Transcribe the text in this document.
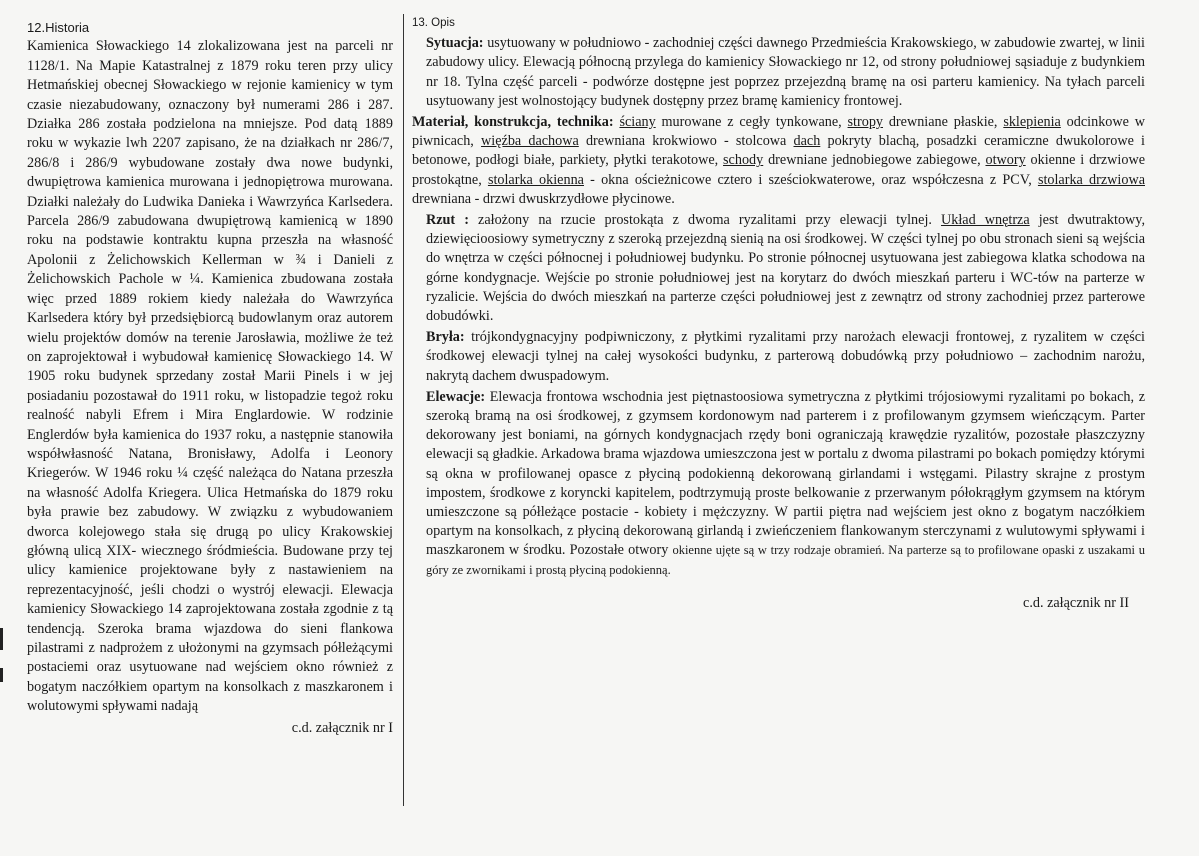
12.Historia
Kamienica Słowackiego 14 zlokalizowana jest na parceli nr 1128/1. Na Mapie Katastralnej z 1879 roku teren przy ulicy Hetmańskiej obecnej Słowackiego w rejonie kamienicy w tym czasie niezabudowany, oznaczony był numerami 286 i 287. Działka 286 została podzielona na mniejsze. Pod datą 1889 roku w wykazie lwh 2207 zapisano, że na działkach nr 286/7, 286/8 i 286/9 wybudowane zostały dwa nowe budynki, dwupiętrowa kamienica murowana i jednopiętrowa murowana. Działki należały do Ludwika Danieka i Wawrzyńca Karlsedera. Parcela 286/9 zabudowana dwupiętrową kamienicą w 1890 roku na podstawie kontraktu kupna przeszła na własność Apolonii z Żelichowskich Kellerman w ¾ i Danieli z Żelichowskich Pachole w ¼. Kamienica zbudowana została więc przed 1889 rokiem kiedy należała do Wawrzyńca Karlsedera który był przedsiębiorcą budowlanym oraz autorem wielu projektów domów na terenie Jarosławia, możliwe że też on zaprojektował i wybudował kamienicę Słowackiego 14. W 1905 roku budynek sprzedany został Marii Pinels i w jej posiadaniu pozostawał do 1911 roku, w listopadzie tegoż roku realność nabyli Efrem i Mira Englardowie. W rodzinie Englerdów była kamienica do 1937 roku, a następnie stanowiła współwłasność Natana, Bronisławy, Adolfa i Leonory Kriegerów. W 1946 roku ¼ część należąca do Natana przeszła na własność Adolfa Kriegera. Ulica Hetmańska do 1879 roku była prawie bez zabudowy. W związku z wybudowaniem dworca kolejowego stała się drugą po ulicy Krakowskiej główną ulicą XIX- wiecznego śródmieścia. Budowane przy tej ulicy kamienice projektowane były z nastawieniem na reprezentacyjność, jeśli chodzi o wystrój elewacji. Elewacja kamienicy Słowackiego 14 zaprojektowana została zgodnie z tą tendencją. Szeroka brama wjazdowa do sieni flankowa pilastrami z nadprożem z ułożonymi na gzymsach półleżącymi postaciemi oraz usytuowane nad wejściem okno również z bogatym naczółkiem opartym na konsolkach z maszkaronem i wolutowymi spływami nadają
c.d. załącznik nr I
13. Opis

Sytuacja: usytuowany w południowo - zachodniej części dawnego Przedmieścia Krakowskiego, w zabudowie zwartej, w linii zabudowy ulicy. Elewacją północną przylega do kamienicy Słowackiego nr 12, od strony południowej sąsiaduje z budynkiem nr 18. Tylna część parceli - podwórze dostępne jest poprzez przejezdną bramę na osi parteru kamienicy. Na tyłach parceli usytuowany jest wolnostojący budynek dostępny przez bramę kamienicy frontowej.

Materiał, konstrukcja, technika: ściany murowane z cegły tynkowane, stropy drewniane płaskie, sklepienia odcinkowe w piwnicach, więźba dachowa drewniana krokwiowo - stolcowa dach pokryty blachą, posadzki ceramiczne dwukolorowe i betonowe, podłogi białe, parkiety, płytki terakotowe, schody drewniane jednobiegowe zabiegowe, otwory okienne i drzwiowe prostokątne, stolarka okienna - okna ościeżnicowe cztero i sześciokwaterowe, oraz współczesna z PCV, stolarka drzwiowa drewniana - drzwi dwuskrzydłowe płycinowe.

Rzut : założony na rzucie prostokąta z dwoma ryzalitami przy elewacji tylnej. Układ wnętrza jest dwutraktowy, dziewięcioosiowy symetryczny z szeroką przejezdną sienią na osi środkowej. W części tylnej po obu stronach sieni są wejścia do wnętrza w części północnej i południowej budynku. Po stronie północnej usytuowana jest zabiegowa klatka schodowa na górne kondygnacje. Wejście po stronie południowej jest na korytarz do dwóch mieszkań parteru i WC-tów na parterze w ryzalicie. Wejścia do dwóch mieszkań na parterze części południowej jest z zewnątrz od strony zachodniej przez parterowe dobudówki.

Bryła: trójkondygnacyjny podpiwniczony, z płytkimi ryzalitami przy narożach elewacji frontowej, z ryzalitem w części środkowej elewacji tylnej na całej wysokości budynku, z parterową dobudówką przy południowo – zachodnim narożu, nakrytą dachem dwuspadowym.

Elewacje: Elewacja frontowa wschodnia jest piętnastoosiowa symetryczna z płytkimi trójosiowymi ryzalitami po bokach, z szeroką bramą na osi środkowej, z gzymsem kordonowym nad parterem i z profilowanym gzymsem wieńczącym. Parter dekorowany jest boniami, na górnych kondygnacjach rzędy boni ograniczają krawędzie ryzalitów, pozostałe płaszczyzny elewacji są gładkie. Arkadowa brama wjazdowa umieszczona jest w portalu z dwoma pilastrami po bokach pomiędzy którymi są okna w profilowanej opasce z płyciną podokienną dekorowaną girlandami i wstęgami. Pilastry skrajne z prostym impostem, środkowe z koryncki kapitelem, podtrzymują proste belkowanie z przerwanym półokrągłym gzymsem na którym umieszczone są półleżące postacie - kobiety i mężczyzny. W partii piętra nad wejściem jest okno z bogatym naczółkiem opartym na konsolkach, z płyciną dekorowaną girlandą i zwieńczeniem flankowanym sterczynami z wulutowymi spływami i maszkaronem w środku. Pozostałe otwory okienne ujęte są w trzy rodzaje obramień. Na parterze są to profilowane opaski z uszakami u góry ze zwornikami i prostą płyciną podokienną.

c.d. załącznik nr II
